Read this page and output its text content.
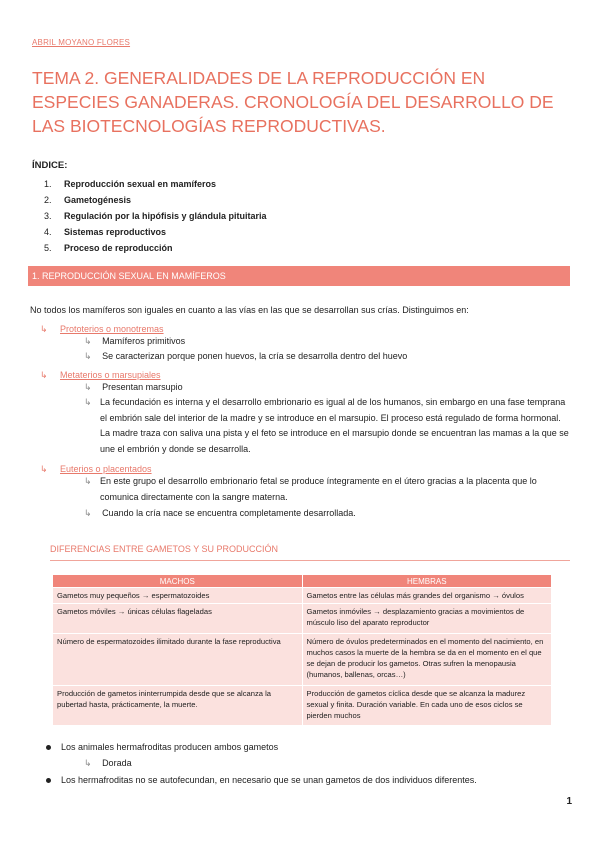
ABRIL MOYANO FLORES
TEMA 2. GENERALIDADES DE LA REPRODUCCIÓN EN ESPECIES GANADERAS. CRONOLOGÍA DEL DESARROLLO DE LAS BIOTECNOLOGÍAS REPRODUCTIVAS.
ÍNDICE:
1. Reproducción sexual en mamíferos
2. Gametogénesis
3. Regulación por la hipófisis y glándula pituitaria
4. Sistemas reproductivos
5. Proceso de reproducción
1. REPRODUCCIÓN SEXUAL EN MAMÍFEROS
No todos los mamíferos son iguales en cuanto a las vías en las que se desarrollan sus crías. Distinguimos en:
↳ Prototerios o monotremas
↳ Mamíferos primitivos
↳ Se caracterizan porque ponen huevos, la cría se desarrolla dentro del huevo
↳ Metaterios o marsupiales
↳ Presentan marsupio
↳ La fecundación es interna y el desarrollo embrionario es igual al de los humanos, sin embargo en una fase temprana el embrión sale del interior de la madre y se introduce en el marsupio. El proceso está regulado de forma hormonal. La madre traza con saliva una pista y el feto se introduce en el marsupio donde se encuentran las mamas a la que se une el embrión y donde se desarrolla.
↳ Euterios o placentados
↳ En este grupo el desarrollo embrionario fetal se produce íntegramente en el útero gracias a la placenta que lo comunica directamente con la sangre materna.
↳ Cuando la cría nace se encuentra completamente desarrollada.
DIFERENCIAS ENTRE GAMETOS Y SU PRODUCCIÓN
MACHOS	HEMBRAS
Gametos muy pequeños → espermatozoides	Gametos entre las células más grandes del organismo → óvulos
Gametos móviles → únicas células flageladas	Gametos inmóviles → desplazamiento gracias a movimientos de músculo liso del aparato reproductor
Número de espermatozoides ilimitado durante la fase reproductiva	Número de óvulos predeterminados en el momento del nacimiento, en muchos casos la muerte de la hembra se da en el momento en el que se dejan de producir los gametos. Otras sufren la menopausia (humanos, ballenas, orcas…)
Producción de gametos ininterrumpida desde que se alcanza la pubertad hasta, prácticamente, la muerte.	Producción de gametos cíclica desde que se alcanza la madurez sexual y finita. Duración variable. En cada uno de esos ciclos se pierden muchos
Los animales hermafroditas producen ambos gametos
↳ Dorada
Los hermafroditas no se autofecundan, en necesario que se unan gametos de dos individuos diferentes.
1
